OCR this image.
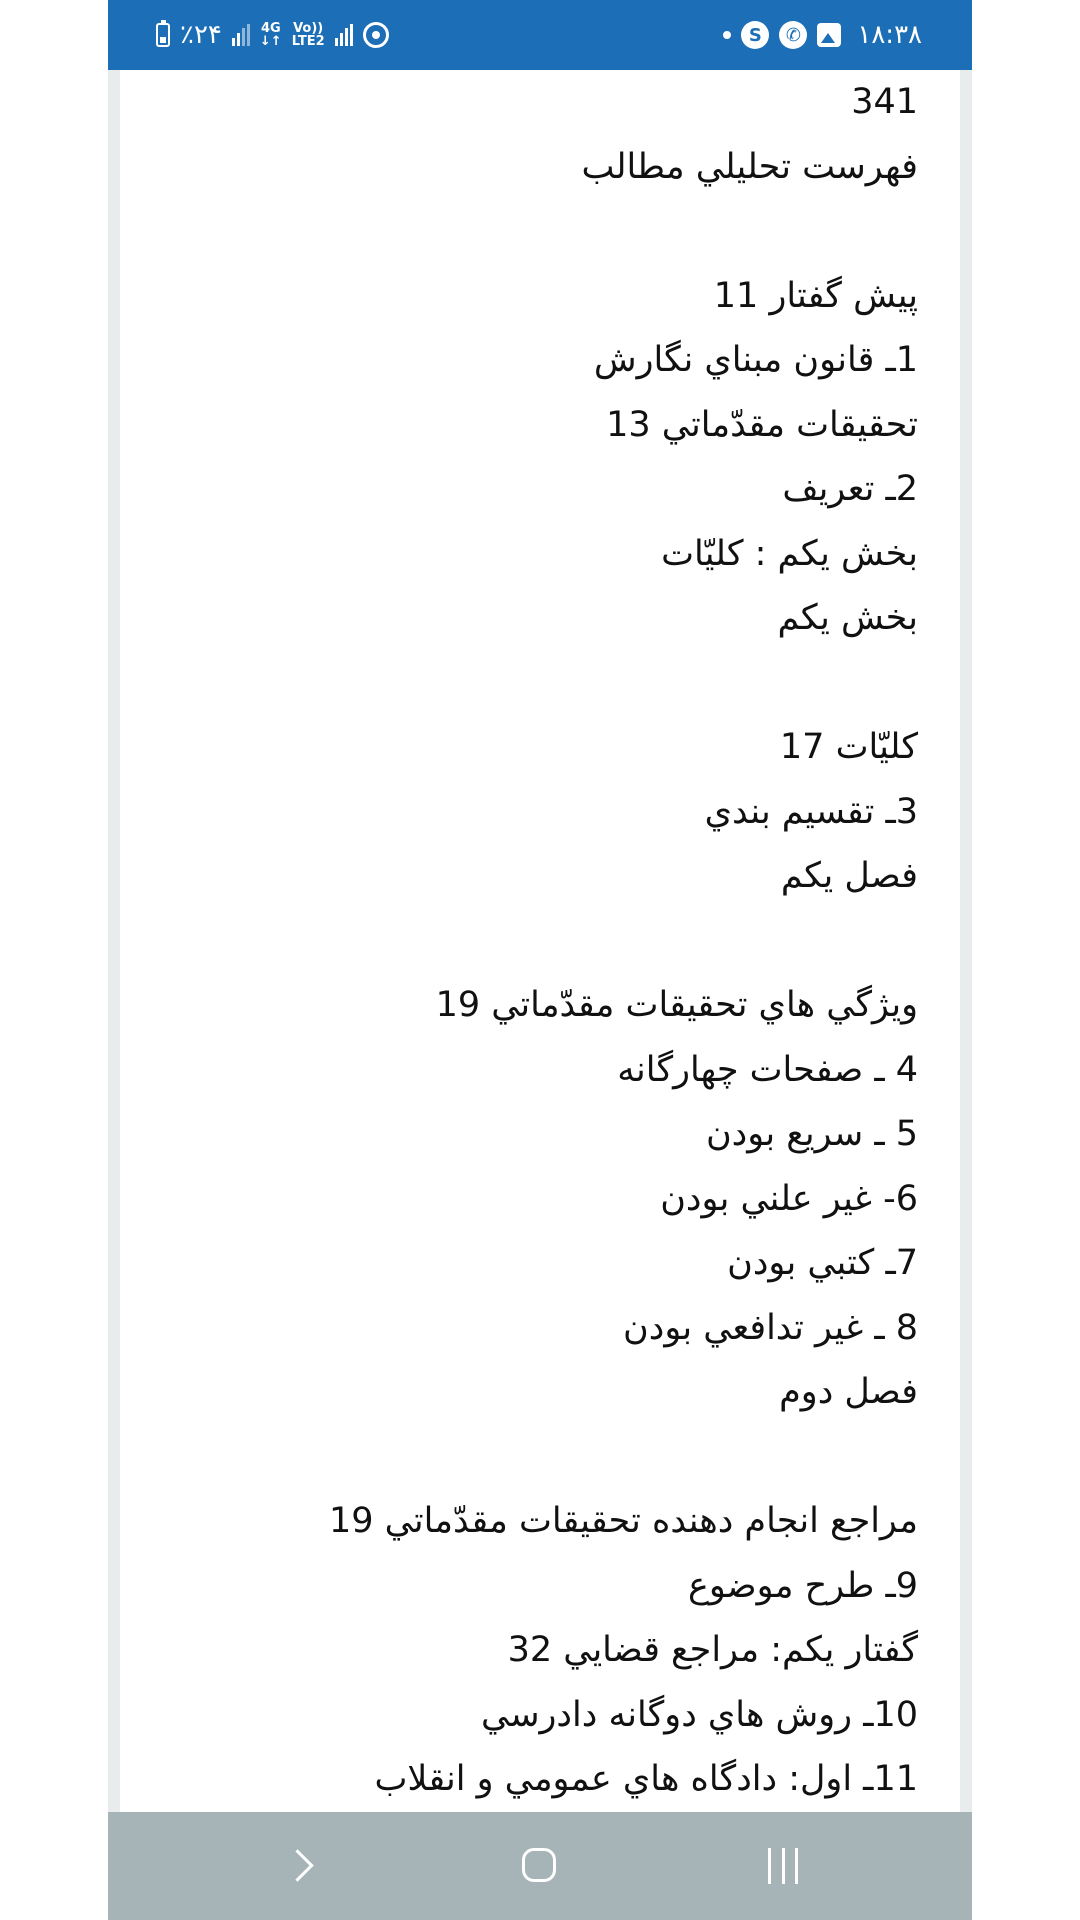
٪۲۴	4G
↓↑
Vo))
LTE2	S	✆ ۱۸:۳۸
341
فهرست تحليلي مطالب
پيش گفتار 11
1ـ قانون مبناي نگارش
تحقيقات مقدّماتي 13
2ـ تعريف
بخش يكم : كليّات
بخش يكم
كليّات 17
3ـ تقسيم بندي
فصل يكم
ويژگي هاي تحقيقات مقدّماتي 19
4 ـ صفحات چهارگانه
5 ـ سريع بودن
6- غير علني بودن
7ـ كتبي بودن
8 ـ غير تدافعي بودن
فصل دوم
مراجع انجام دهنده تحقيقات مقدّماتي 19
9ـ طرح موضوع
گفتار يكم: مراجع قضايي 32
10ـ روش هاي دوگانه دادرسي
11ـ اول: دادگاه هاي عمومي و انقلاب
